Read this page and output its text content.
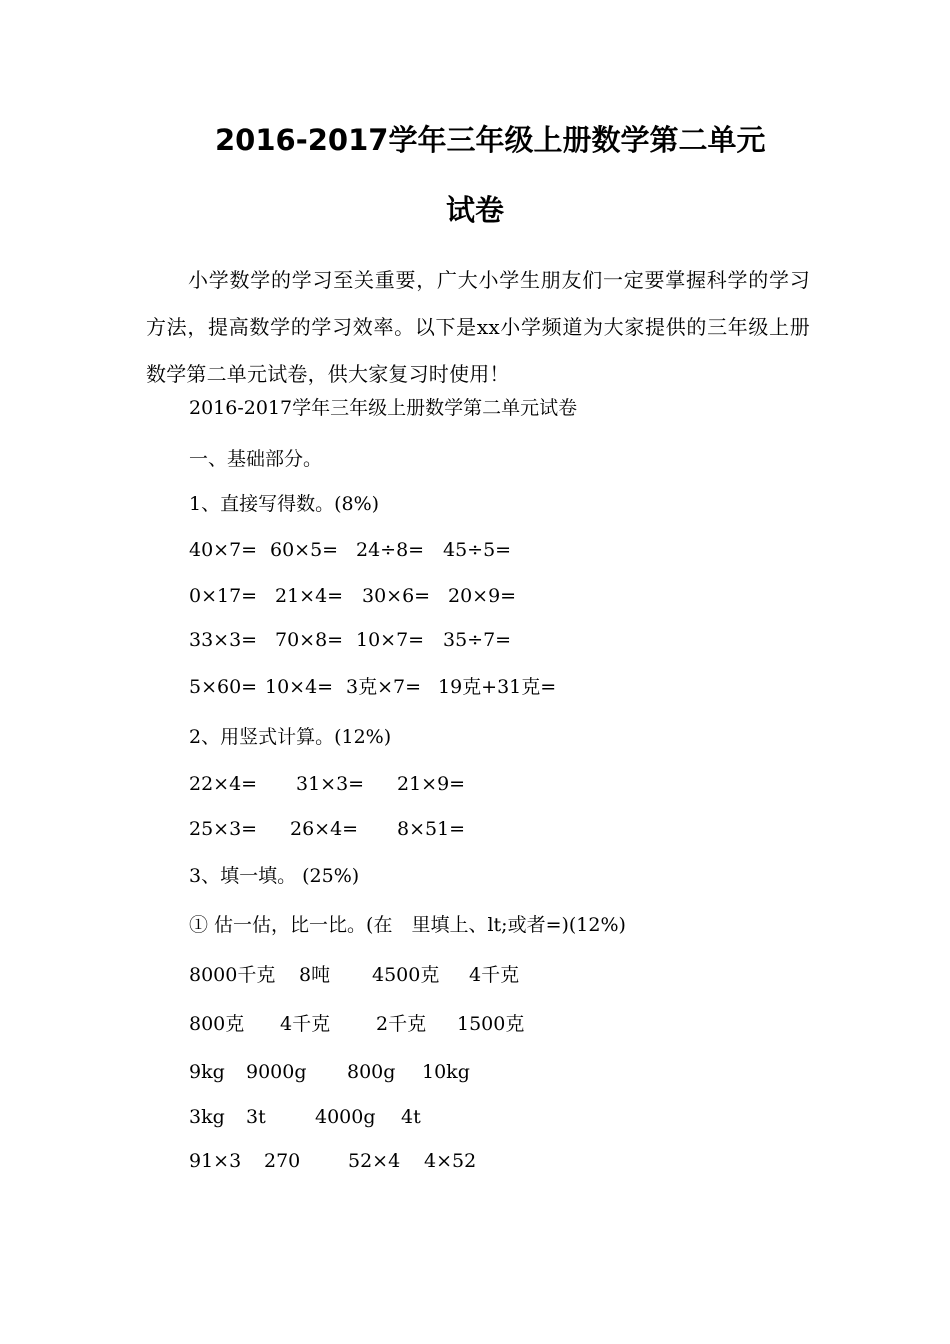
2016-2017学年三年级上册数学第二单元
试卷

小学数学的学习至关重要，广大小学生朋友们一定要掌握科学的学习方法，提高数学的学习效率。以下是xx小学频道为大家提供的三年级上册数学第二单元试卷，供大家复习时使用！

2016-2017学年三年级上册数学第二单元试卷
一、基础部分。
1、直接写得数。(8%)
40×7= 60×5= 24÷8= 45÷5=
0×17= 21×4= 30×6= 20×9=
33×3= 70×8= 10×7= 35÷7=
5×60= 10×4= 3克×7= 19克+31克=
2、用竖式计算。(12%)
22×4= 31×3= 21×9=
25×3= 26×4= 8×51=
3、填一填。 (25%)
① 估一估，比一比。(在　里填上、lt;或者=)(12%)
8000千克 8吨 4500克 4千克
800克 4千克 2千克 1500克
9kg 9000g 800g 10kg
3kg 3t	4000g 4t
91×3 270	52×4 4×52
